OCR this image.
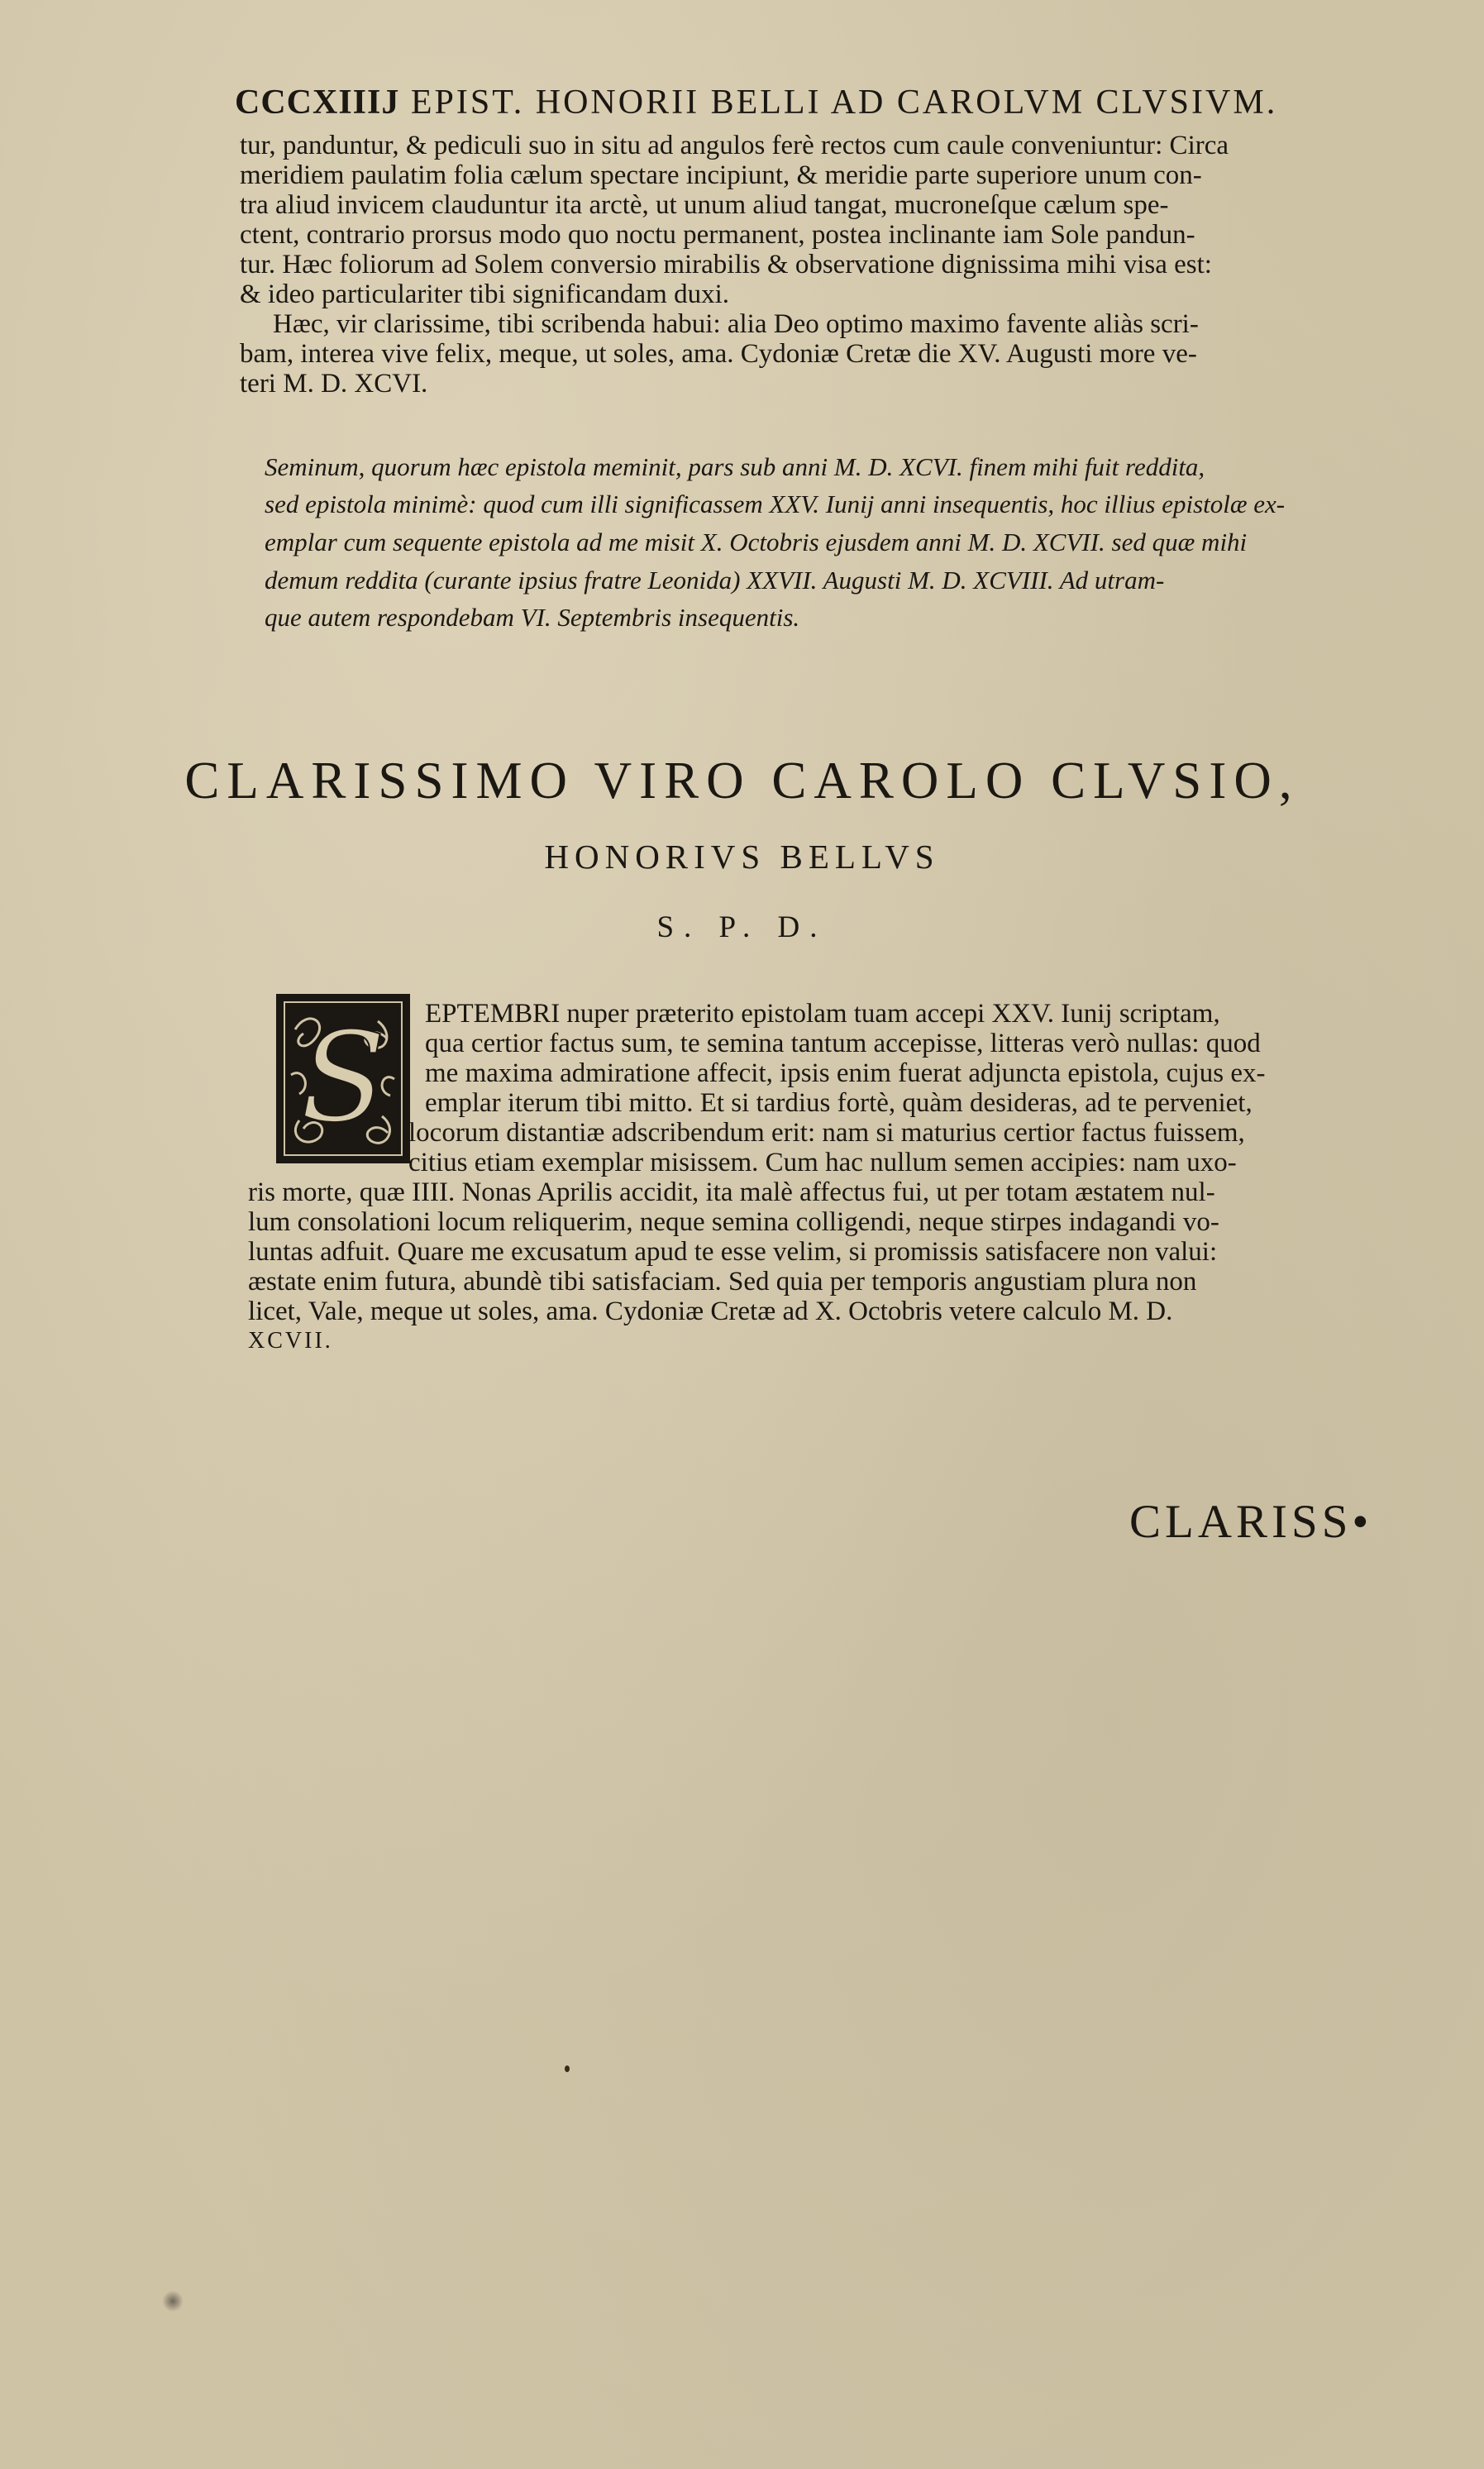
CCCXIIIJ EPIST. HONORII BELLI AD CAROLVM CLVSIVM.
tur, panduntur, & pediculi suo in situ ad angulos ferè rectos cum caule conveniuntur: Circa
meridiem paulatim folia cælum spectare incipiunt, & meridie parte superiore unum con-
tra aliud invicem clauduntur ita arctè, ut unum aliud tangat, mucroneſque cælum spe-
ctent, contrario prorsus modo quo noctu permanent, postea inclinante iam Sole pandun-
tur. Hæc foliorum ad Solem conversio mirabilis & observatione dignissima mihi visa est:
& ideo particulariter tibi significandam duxi.
Hæc, vir clarissime, tibi scribenda habui: alia Deo optimo maximo favente aliàs scri-
bam, interea vive felix, meque, ut soles, ama. Cydoniæ Cretæ die XV. Augusti more ve-
teri M. D. XCVI.
Seminum, quorum hæc epistola meminit, pars sub anni M. D. XCVI. finem mihi fuit reddita,
sed epistola minimè: quod cum illi significassem XXV. Iunij anni insequentis, hoc illius epistolæ ex-
emplar cum sequente epistola ad me misit X. Octobris ejusdem anni M. D. XCVII. sed quæ mihi
demum reddita (curante ipsius fratre Leonida) XXVII. Augusti M. D. XCVIII. Ad utram-
que autem respondebam VI. Septembris insequentis.
CLARISSIMO VIRO CAROLO CLVSIO,
HONORIVS BELLVS
S. P. D.
S EPTEMBRI nuper præterito epistolam tuam accepi XXV. Iunij scriptam,
qua certior factus sum, te semina tantum accepisse, litteras verò nullas: quod
me maxima admiratione affecit, ipsis enim fuerat adjuncta epistola, cujus ex-
emplar iterum tibi mitto. Et si tardius fortè, quàm desideras, ad te perveniet,
locorum distantiæ adscribendum erit: nam si maturius certior factus fuissem,
citius etiam exemplar misissem. Cum hac nullum semen accipies: nam uxo-
ris morte, quæ IIII. Nonas Aprilis accidit, ita malè affectus fui, ut per totam æstatem nul-
lum consolationi locum reliquerim, neque semina colligendi, neque stirpes indagandi vo-
luntas adfuit. Quare me excusatum apud te esse velim, si promissis satisfacere non valui:
æstate enim futura, abundè tibi satisfaciam. Sed quia per temporis angustiam plura non
licet, Vale, meque ut soles, ama. Cydoniæ Cretæ ad X. Octobris vetere calculo M. D.
XCVII.
CLARISS•
